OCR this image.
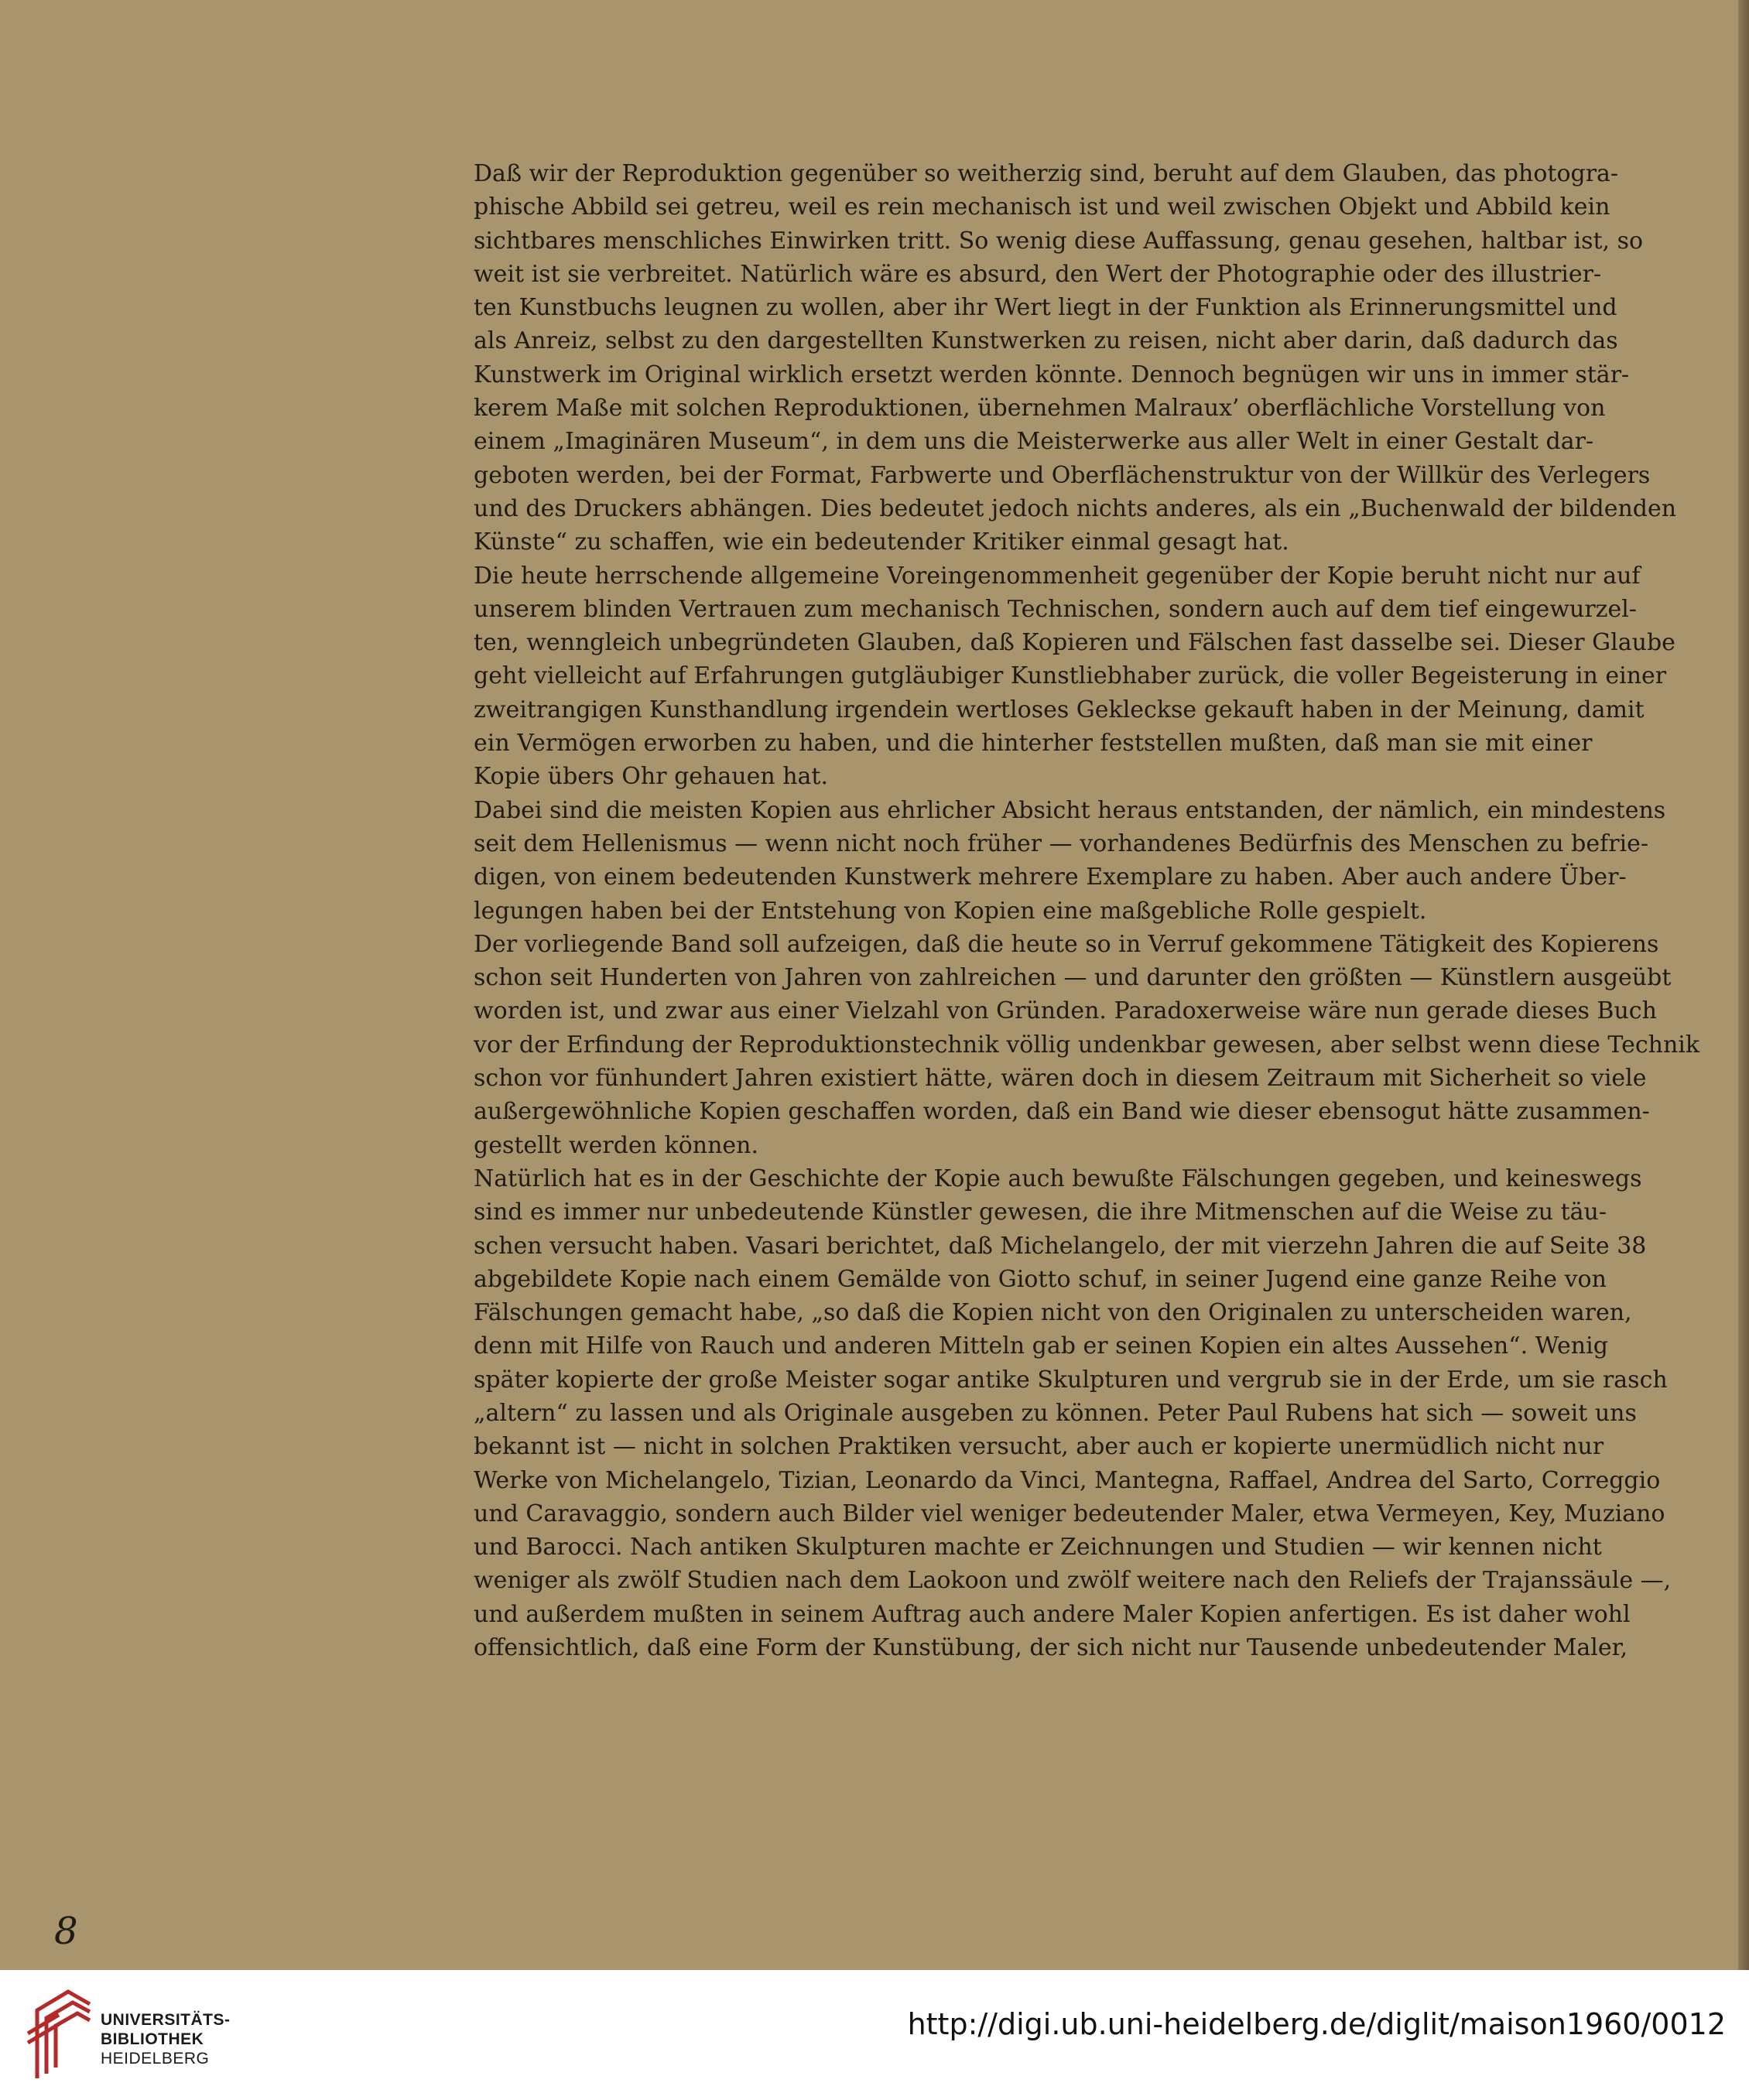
Daß wir der Reproduktion gegenüber so weitherzig sind, beruht auf dem Glauben, das photogra-
phische Abbild sei getreu, weil es rein mechanisch ist und weil zwischen Objekt und Abbild kein
sichtbares menschliches Einwirken tritt. So wenig diese Auffassung, genau gesehen, haltbar ist, so
weit ist sie verbreitet. Natürlich wäre es absurd, den Wert der Photographie oder des illustrier-
ten Kunstbuchs leugnen zu wollen, aber ihr Wert liegt in der Funktion als Erinnerungsmittel und
als Anreiz, selbst zu den dargestellten Kunstwerken zu reisen, nicht aber darin, daß dadurch das
Kunstwerk im Original wirklich ersetzt werden könnte. Dennoch begnügen wir uns in immer stär-
kerem Maße mit solchen Reproduktionen, übernehmen Malraux’ oberflächliche Vorstellung von
einem „Imaginären Museum“, in dem uns die Meisterwerke aus aller Welt in einer Gestalt dar-
geboten werden, bei der Format, Farbwerte und Oberflächenstruktur von der Willkür des Verlegers
und des Druckers abhängen. Dies bedeutet jedoch nichts anderes, als ein „Buchenwald der bildenden
Künste“ zu schaffen, wie ein bedeutender Kritiker einmal gesagt hat.
Die heute herrschende allgemeine Voreingenommenheit gegenüber der Kopie beruht nicht nur auf
unserem blinden Vertrauen zum mechanisch Technischen, sondern auch auf dem tief eingewurzel-
ten, wenngleich unbegründeten Glauben, daß Kopieren und Fälschen fast dasselbe sei. Dieser Glaube
geht vielleicht auf Erfahrungen gutgläubiger Kunstliebhaber zurück, die voller Begeisterung in einer
zweitrangigen Kunsthandlung irgendein wertloses Gekleckse gekauft haben in der Meinung, damit
ein Vermögen erworben zu haben, und die hinterher feststellen mußten, daß man sie mit einer
Kopie übers Ohr gehauen hat.
Dabei sind die meisten Kopien aus ehrlicher Absicht heraus entstanden, der nämlich, ein mindestens
seit dem Hellenismus — wenn nicht noch früher — vorhandenes Bedürfnis des Menschen zu befrie-
digen, von einem bedeutenden Kunstwerk mehrere Exemplare zu haben. Aber auch andere Über-
legungen haben bei der Entstehung von Kopien eine maßgebliche Rolle gespielt.
Der vorliegende Band soll aufzeigen, daß die heute so in Verruf gekommene Tätigkeit des Kopierens
schon seit Hunderten von Jahren von zahlreichen — und darunter den größten — Künstlern ausgeübt
worden ist, und zwar aus einer Vielzahl von Gründen. Paradoxerweise wäre nun gerade dieses Buch
vor der Erfindung der Reproduktionstechnik völlig undenkbar gewesen, aber selbst wenn diese Technik
schon vor fünhundert Jahren existiert hätte, wären doch in diesem Zeitraum mit Sicherheit so viele
außergewöhnliche Kopien geschaffen worden, daß ein Band wie dieser ebensogut hätte zusammen-
gestellt werden können.
Natürlich hat es in der Geschichte der Kopie auch bewußte Fälschungen gegeben, und keineswegs
sind es immer nur unbedeutende Künstler gewesen, die ihre Mitmenschen auf die Weise zu täu-
schen versucht haben. Vasari berichtet, daß Michelangelo, der mit vierzehn Jahren die auf Seite 38
abgebildete Kopie nach einem Gemälde von Giotto schuf, in seiner Jugend eine ganze Reihe von
Fälschungen gemacht habe, „so daß die Kopien nicht von den Originalen zu unterscheiden waren,
denn mit Hilfe von Rauch und anderen Mitteln gab er seinen Kopien ein altes Aussehen“. Wenig
später kopierte der große Meister sogar antike Skulpturen und vergrub sie in der Erde, um sie rasch
„altern“ zu lassen und als Originale ausgeben zu können. Peter Paul Rubens hat sich — soweit uns
bekannt ist — nicht in solchen Praktiken versucht, aber auch er kopierte unermüdlich nicht nur
Werke von Michelangelo, Tizian, Leonardo da Vinci, Mantegna, Raffael, Andrea del Sarto, Correggio
und Caravaggio, sondern auch Bilder viel weniger bedeutender Maler, etwa Vermeyen, Key, Muziano
und Barocci. Nach antiken Skulpturen machte er Zeichnungen und Studien — wir kennen nicht
weniger als zwölf Studien nach dem Laokoon und zwölf weitere nach den Reliefs der Trajanssäule —,
und außerdem mußten in seinem Auftrag auch andere Maler Kopien anfertigen. Es ist daher wohl
offensichtlich, daß eine Form der Kunstübung, der sich nicht nur Tausende unbedeutender Maler,
8
UNIVERSITÄTS-
BIBLIOTHEK
HEIDELBERG
http://digi.ub.uni-heidelberg.de/diglit/maison1960/0012
